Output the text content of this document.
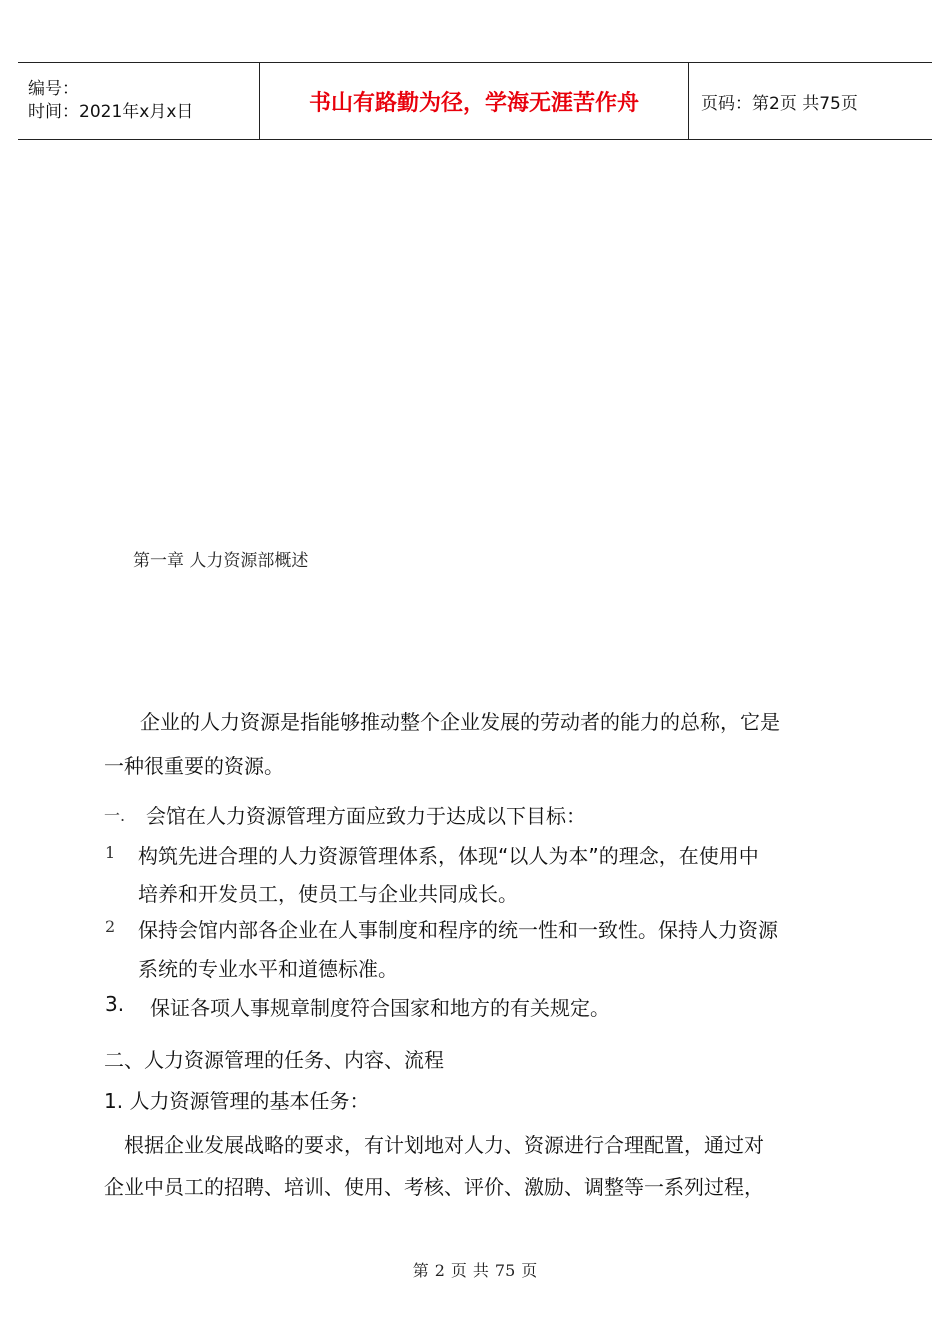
编号：
时间：2021年x月x日	书山有路勤为径，学海无涯苦作舟	页码：第2页 共75页
第一章 人力资源部概述
企业的人力资源是指能够推动整个企业发展的劳动者的能力的总称，它是
一种很重要的资源。
一. 会馆在人力资源管理方面应致力于达成以下目标：
1 构筑先进合理的人力资源管理体系，体现“以人为本”的理念，在使用中
培养和开发员工，使员工与企业共同成长。
2 保持会馆内部各企业在人事制度和程序的统一性和一致性。保持人力资源
系统的专业水平和道德标准。
3. 保证各项人事规章制度符合国家和地方的有关规定。
二、人力资源管理的任务、内容、流程
1. 人力资源管理的基本任务：
根据企业发展战略的要求，有计划地对人力、资源进行合理配置，通过对
企业中员工的招聘、培训、使用、考核、评价、激励、调整等一系列过程，
第 2 页 共 75 页
